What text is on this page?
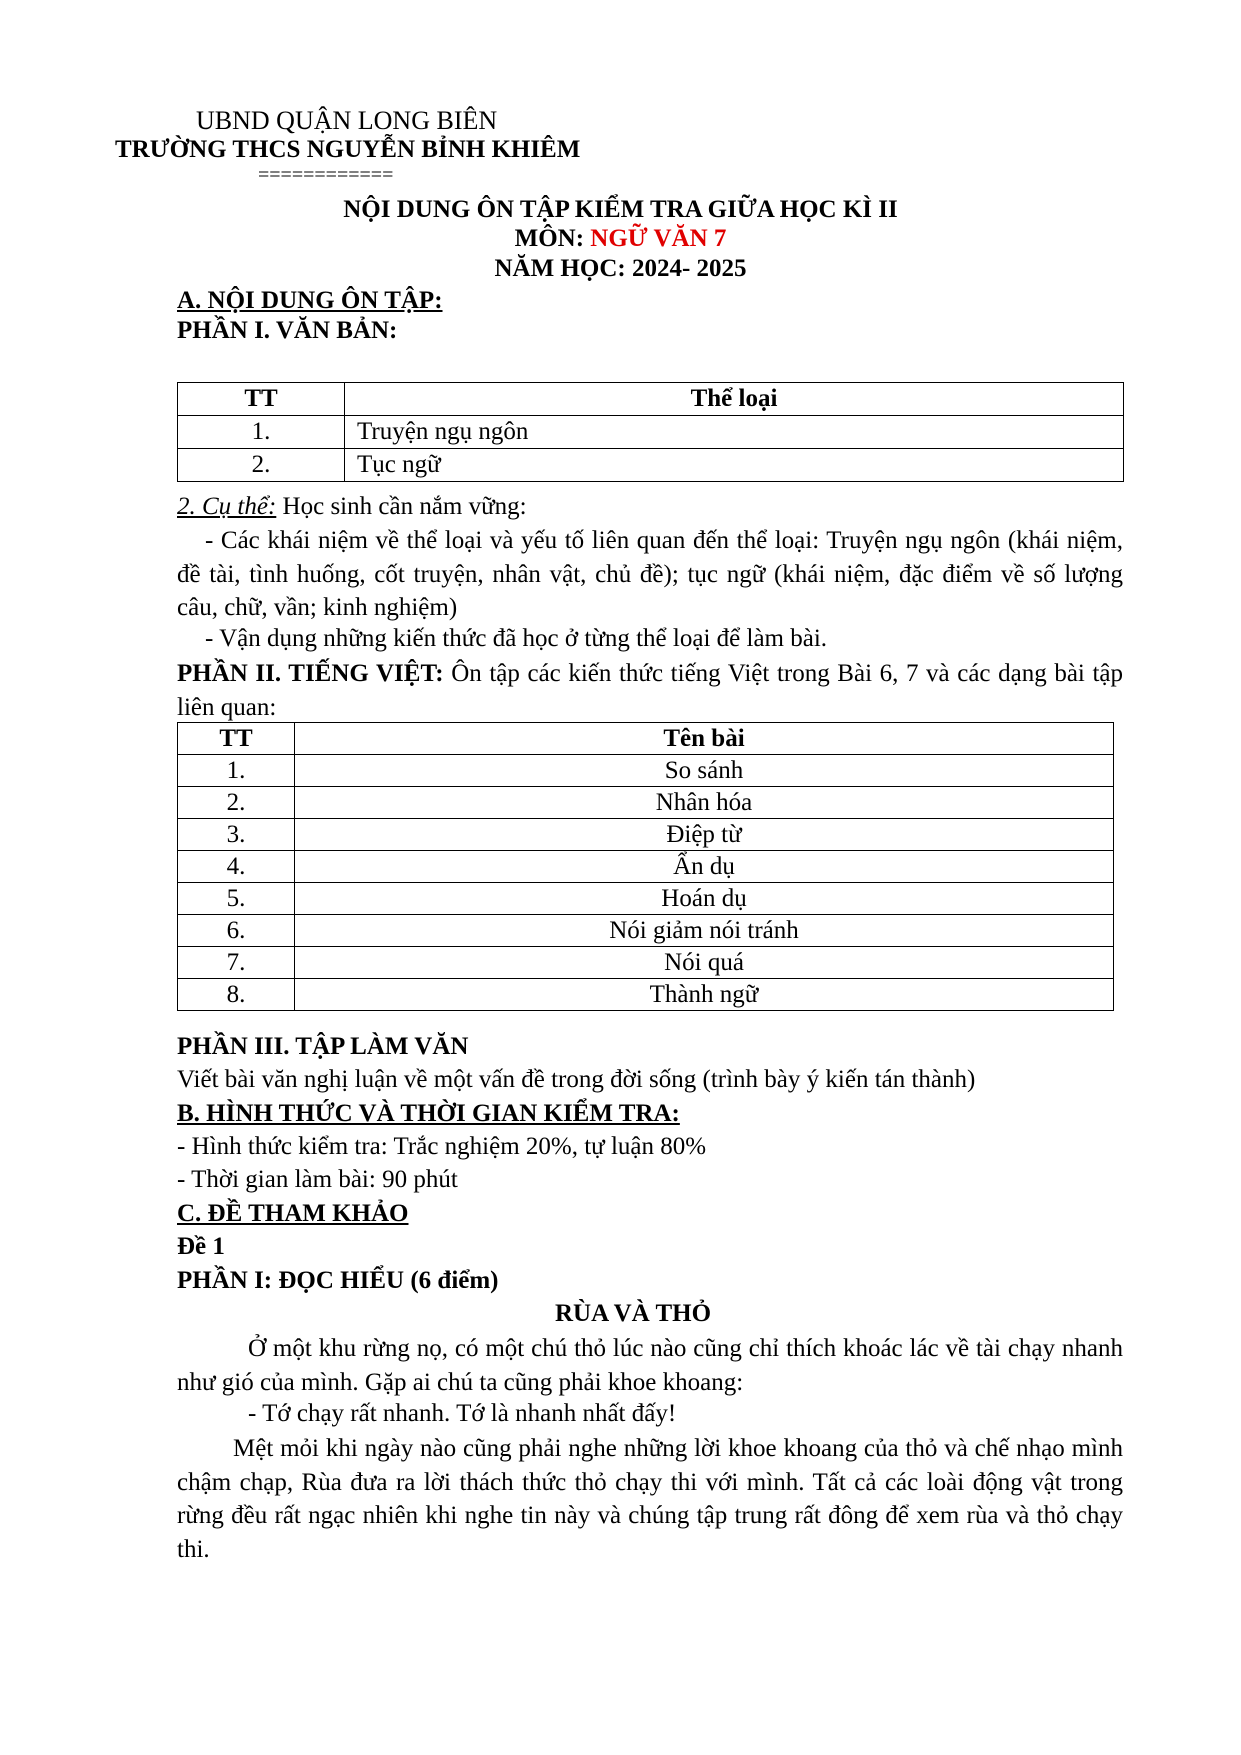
UBND QUẬN LONG BIÊN
TRƯỜNG THCS NGUYỄN BỈNH KHIÊM
============
NỘI DUNG ÔN TẬP KIỂM TRA GIỮA HỌC KÌ II
MÔN: NGỮ VĂN 7
NĂM HỌC: 2024- 2025
A. NỘI DUNG ÔN TẬP:
PHẦN I. VĂN BẢN:
TT	Thể loại
1.	Truyện ngụ ngôn
2.	Tục ngữ
2. Cụ thể: Học sinh cần nắm vững:
- Các khái niệm về thể loại và yếu tố liên quan đến thể loại: Truyện ngụ ngôn (khái niệm, đề tài, tình huống, cốt truyện, nhân vật, chủ đề); tục ngữ (khái niệm, đặc điểm về số lượng câu, chữ, vần; kinh nghiệm)
- Vận dụng những kiến thức đã học ở từng thể loại để làm bài.
PHẦN II. TIẾNG VIỆT: Ôn tập các kiến thức tiếng Việt trong Bài 6, 7 và các dạng bài tập liên quan:
TT	Tên bài
1.	So sánh
2.	Nhân hóa
3.	Điệp từ
4.	Ẩn dụ
5.	Hoán dụ
6.	Nói giảm nói tránh
7.	Nói quá
8.	Thành ngữ
PHẦN III. TẬP LÀM VĂN
Viết bài văn nghị luận về một vấn đề trong đời sống (trình bày ý kiến tán thành)
B. HÌNH THỨC VÀ THỜI GIAN KIỂM TRA:
- Hình thức kiểm tra: Trắc nghiệm 20%, tự luận 80%
- Thời gian làm bài: 90 phút
C. ĐỀ THAM KHẢO
Đề 1
PHẦN I: ĐỌC HIỂU (6 điểm)
RÙA VÀ THỎ
Ở một khu rừng nọ, có một chú thỏ lúc nào cũng chỉ thích khoác lác về tài chạy nhanh như gió của mình. Gặp ai chú ta cũng phải khoe khoang:
- Tớ chạy rất nhanh. Tớ là nhanh nhất đấy!
Mệt mỏi khi ngày nào cũng phải nghe những lời khoe khoang của thỏ và chế nhạo mình chậm chạp, Rùa đưa ra lời thách thức thỏ chạy thi với mình. Tất cả các loài động vật trong rừng đều rất ngạc nhiên khi nghe tin này và chúng tập trung rất đông để xem rùa và thỏ chạy thi.
